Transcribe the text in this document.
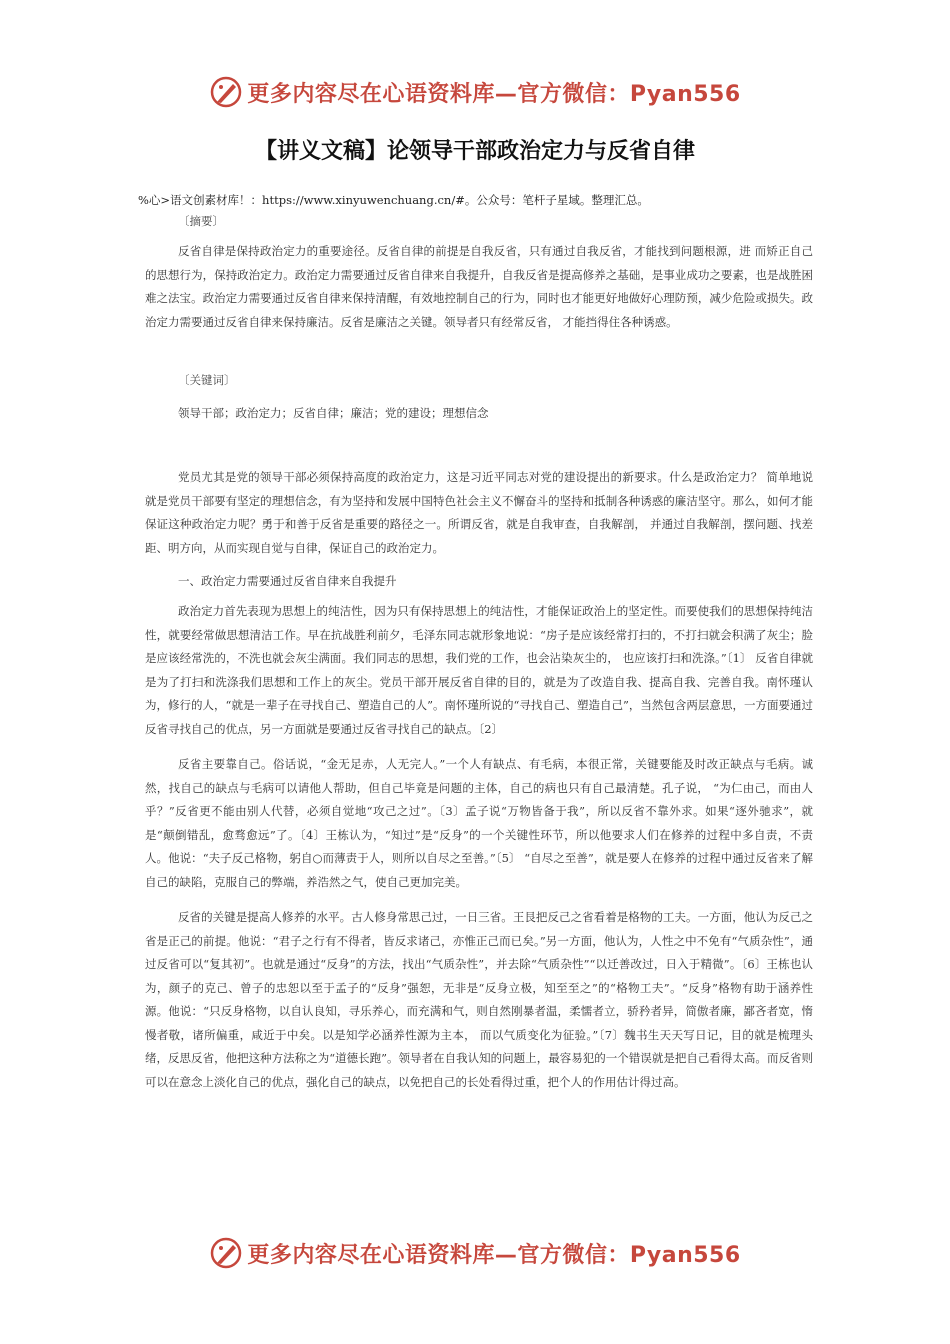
更多内容尽在心语资料库—官方微信：Pyan556
【讲义文稿】论领导干部政治定力与反省自律
%心>语文创素材库！：https://www.xinyuwenchuang.cn/#。公众号：笔杆子星域。整理汇总。
〔摘要〕

反省自律是保持政治定力的重要途径。反省自律的前提是自我反省，只有通过自我反省，才能找到问题根源，进 而矫正自己的思想行为，保持政治定力。政治定力需要通过反省自律来自我提升，自我反省是提高修养之基础，是事业成功之要素，也是战胜困难之法宝。政治定力需要通过反省自律来保持清醒，有效地控制自己的行为，同时也才能更好地做好心理防预，减少危险或损失。政治定力需要通过反省自律来保持廉洁。反省是廉洁之关键。领导者只有经常反省， 才能挡得住各种诱惑。

〔关键词〕
领导干部；政治定力；反省自律；廉洁；党的建设；理想信念

党员尤其是党的领导干部必须保持高度的政治定力，这是习近平同志对党的建设提出的新要求。什么是政治定力？ 简单地说就是党员干部要有坚定的理想信念，有为坚持和发展中国特色社会主义不懈奋斗的坚持和抵制各种诱惑的廉洁坚守。那么，如何才能保证这种政治定力呢？勇于和善于反省是重要的路径之一。所谓反省，就是自我审查，自我解剖， 并通过自我解剖，摆问题、找差距、明方向，从而实现自觉与自律，保证自己的政治定力。

一、政治定力需要通过反省自律来自我提升

政治定力首先表现为思想上的纯洁性，因为只有保持思想上的纯洁性，才能保证政治上的坚定性。而要使我们的思想保持纯洁性，就要经常做思想清洁工作。早在抗战胜利前夕，毛泽东同志就形象地说：“房子是应该经常打扫的，不打扫就会积满了灰尘；脸是应该经常洗的，不洗也就会灰尘满面。我们同志的思想，我们党的工作，也会沾染灰尘的， 也应该打扫和洗涤。”〔1〕 反省自律就是为了打扫和洗涤我们思想和工作上的灰尘。党员干部开展反省自律的目的，就是为了改造自我、提高自我、完善自我。南怀瑾认为，修行的人，“就是一辈子在寻找自己、塑造自己的人”。南怀瑾所说的“寻找自己、塑造自己”，当然包含两层意思，一方面要通过反省寻找自己的优点，另一方面就是要通过反省寻找自己的缺点。〔2〕

反省主要靠自己。俗话说，“金无足赤，人无完人。”一个人有缺点、有毛病，本很正常，关键要能及时改正缺点与毛病。诚然，找自己的缺点与毛病可以请他人帮助，但自己毕竟是问题的主体，自己的病也只有自己最清楚。孔子说， “为仁由己，而由人乎？”反省更不能由别人代替，必须自觉地“攻己之过”。〔3〕孟子说“万物皆备于我”，所以反省不靠外求。如果“逐外驰求”，就是“颠倒错乱，愈骛愈远”了。〔4〕王栋认为，“知过”是“反身”的一个关键性环节，所以他要求人们在修养的过程中多自责，不责人。他说：“夫子反己格物，躬自○而薄责于人，则所以自尽之至善。”〔5〕 “自尽之至善”，就是要人在修养的过程中通过反省来了解自己的缺陷，克服自己的弊端，养浩然之气，使自己更加完美。

反省的关键是提高人修养的水平。古人修身常思己过，一日三省。王艮把反己之省看着是格物的工夫。一方面，他认为反己之省是正己的前提。他说：“君子之行有不得者，皆反求诸己，亦惟正己而已矣。”另一方面，他认为，人性之中不免有“气质杂性”，通过反省可以“复其初”。也就是通过“反身”的方法，找出“气质杂性”，并去除“气质杂性”“以迁善改过，日入于精微”。〔6〕王栋也认为，颜子的克己、曾子的忠恕以至于孟子的“反身”强恕，无非是“反身立极，知至至之”的“格物工夫”。“反身”格物有助于涵养性源。他说：“只反身格物，以自认良知，寻乐养心，而充满和气，则自然刚暴者温，柔懦者立，骄矜者异，简傲者廉，鄙吝者宽，惰慢者敬，诸所偏重，咸近于中矣。以是知学必涵养性源为主本， 而以气质变化为征验。”〔7〕魏书生天天写日记，目的就是梳理头绪，反思反省，他把这种方法称之为“道德长跑”。领导者在自我认知的问题上，最容易犯的一个错误就是把自己看得太高。而反省则可以在意念上淡化自己的优点，强化自己的缺点，以免把自己的长处看得过重，把个人的作用估计得过高。

更多内容尽在心语资料库—官方微信：Pyan556
